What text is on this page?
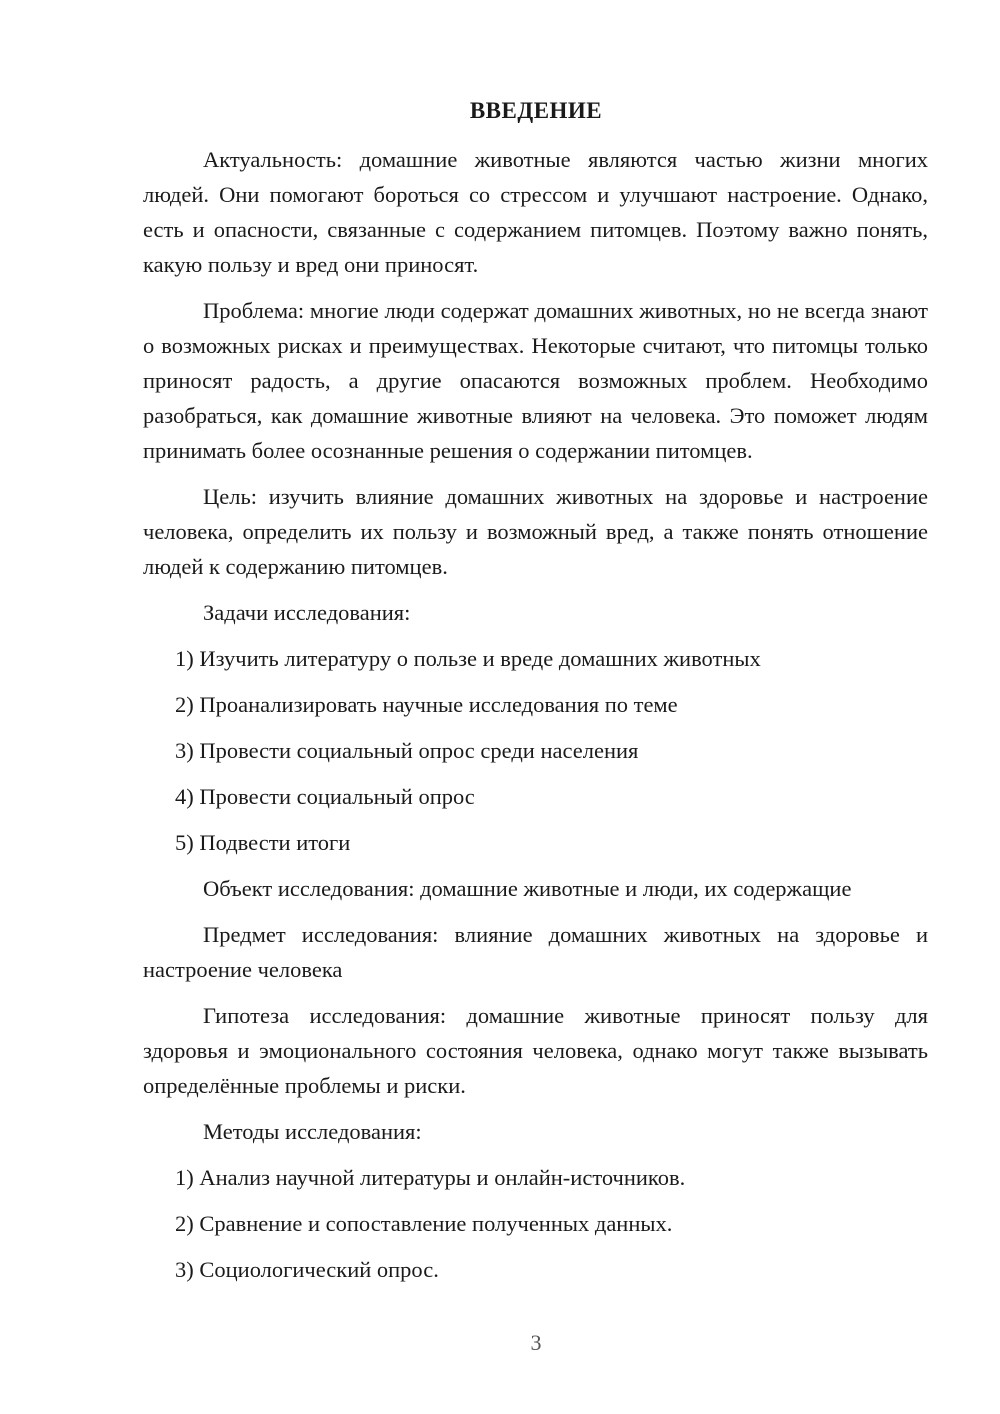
ВВЕДЕНИЕ

Актуальность: домашние животные являются частью жизни многих людей. Они помогают бороться со стрессом и улучшают настроение. Однако, есть и опасности, связанные с содержанием питомцев. Поэтому важно понять, какую пользу и вред они приносят.

Проблема: многие люди содержат домашних животных, но не всегда знают о возможных рисках и преимуществах. Некоторые считают, что питомцы только приносят радость, а другие опасаются возможных проблем. Необходимо разобраться, как домашние животные влияют на человека. Это поможет людям принимать более осознанные решения о содержании питомцев.

Цель: изучить влияние домашних животных на здоровье и настроение человека, определить их пользу и возможный вред, а также понять отношение людей к содержанию питомцев.

Задачи исследования:

1) Изучить литературу о пользе и вреде домашних животных

2) Проанализировать научные исследования по теме

3) Провести социальный опрос среди населения

4) Провести социальный опрос

5) Подвести итоги

Объект исследования: домашние животные и люди, их содержащие

Предмет исследования: влияние домашних животных на здоровье и настроение человека

Гипотеза исследования: домашние животные приносят пользу для здоровья и эмоционального состояния человека, однако могут также вызывать определённые проблемы и риски.

Методы исследования:

1) Анализ научной литературы и онлайн-источников.

2) Сравнение и сопоставление полученных данных.

3) Социологический опрос.

3
